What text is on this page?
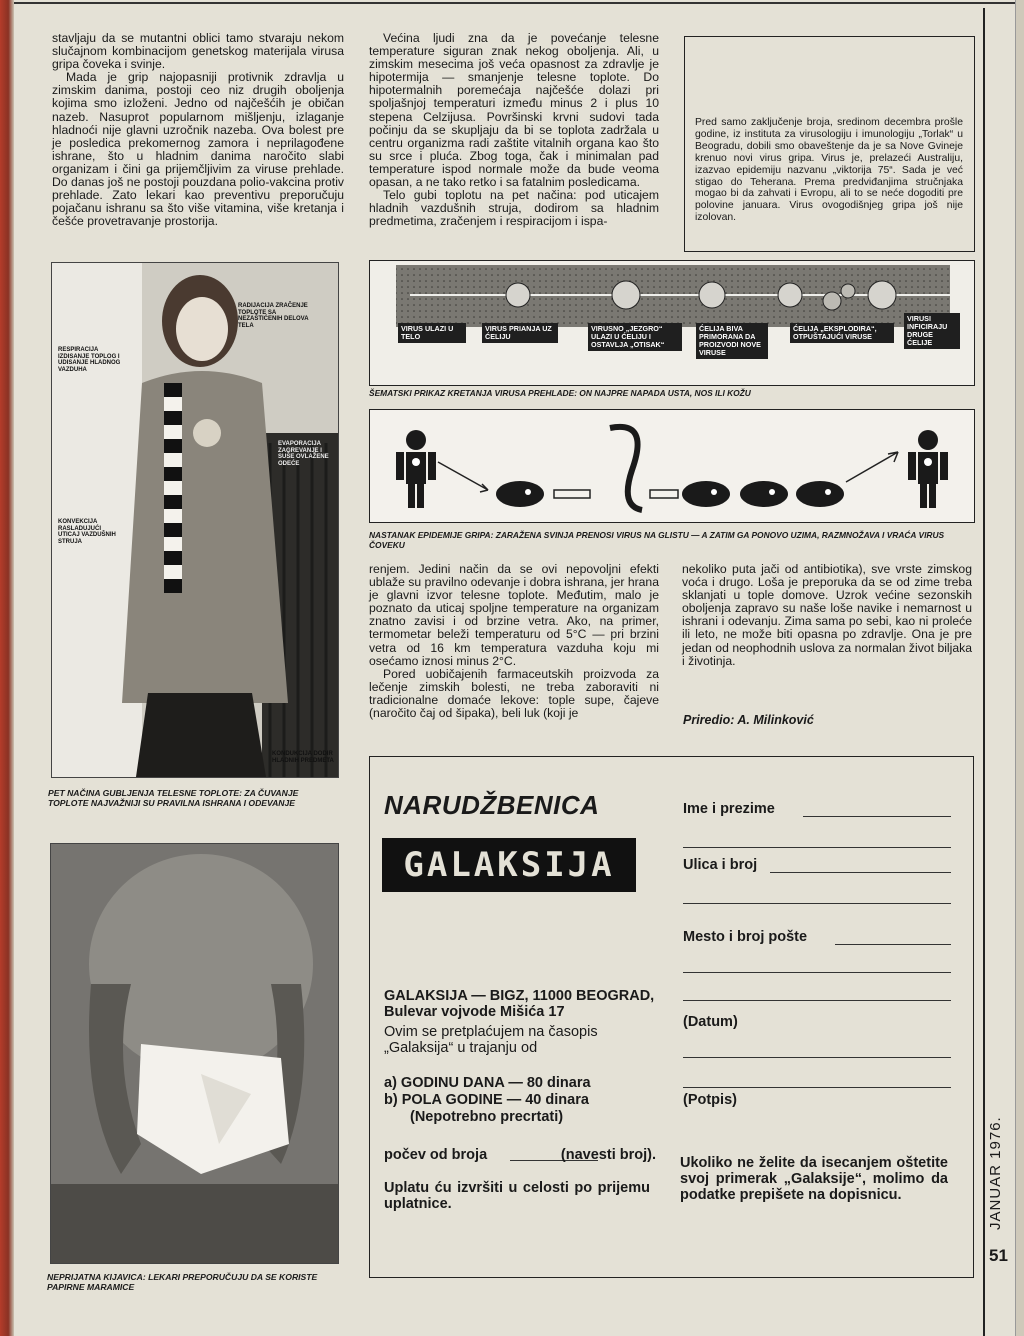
stavljaju da se mutantni oblici tamo stvaraju nekom slučajnom kombinacijom genetskog materijala virusa gripa čoveka i svinje.

Mada je grip najopasniji protivnik zdravlja u zimskim danima, postoji ceo niz drugih oboljenja kojima smo izloženi. Jedno od najčešćih je običan nazeb. Nasuprot popularnom mišljenju, izlaganje hladnoći nije glavni uzročnik nazeba. Ova bolest pre je posledica prekomernog zamora i neprilagođene ishrane, što u hladnim danima naročito slabi organizam i čini ga prijemčljivim za viruse prehlade. Do danas još ne postoji pouzdana polio-vakcina protiv prehlade. Zato lekari kao preventivu preporučuju pojačanu ishranu sa što više vitamina, više kretanja i češće provetravanje prostorija.

Većina ljudi zna da je povećanje telesne temperature siguran znak nekog oboljenja. Ali, u zimskim mesecima još veća opasnost za zdravlje je hipotermija — smanjenje telesne toplote. Do hipotermalnih poremećaja najčešće dolazi pri spoljašnjoj temperaturi između minus 2 i plus 10 stepena Celzijusa. Površinski krvni sudovi tada počinju da se skupljaju da bi se toplota zadržala u centru organizma radi zaštite vitalnih organa kao što su srce i pluća. Zbog toga, čak i minimalan pad temperature ispod normale može da bude veoma opasan, a ne tako retko i sa fatalnim posledicama.

Telo gubi toplotu na pet načina: pod uticajem hladnih vazdušnih struja, dodirom sa hladnim predmetima, zračenjem i respiracijom i ispa-

Pred samo zaključenje broja, sredinom decembra prošle godine, iz instituta za virusologiju i imunologiju „Torlak“ u Beogradu, dobili smo obaveštenje da je sa Nove Gvineje krenuo novi virus gripa. Virus je, prelazeći Australiju, izazvao epidemiju nazvanu „viktorija 75“. Sada je već stigao do Teherana. Prema predviđanjima stručnjaka mogao bi da zahvati i Evropu, ali to se neće dogoditi pre polovine januara. Virus ovogodišnjeg gripa još nije izolovan.
RADIJACIJA ZRAČENJE TOPLOTE SA NEZAŠTIĆENIH DELOVA TELA
RESPIRACIJA IZDISANJE TOPLOG I UDISANJE HLADNOG VAZDUHA
EVAPORACIJA ZAGREVANJE I SUŠE OVLAŽENE ODEĆE
KONVEKCIJA RASLADUJUĆI UTICAJ VAZDUŠNIH STRUJA
KONDUKCIJA DODIR HLADNIH PREDMETA
PET NAČINA GUBLJENJA TELESNE TOPLOTE: ZA ČUVANJE TOPLOTE NAJVAŽNIJI SU PRAVILNA ISHRANA I ODEVANJE
NEPRIJATNA KIJAVICA: LEKARI PREPORUČUJU DA SE KORISTE PAPIRNE MARAMICE
VIRUS ULAZI U TELO
VIRUS PRIANJA UZ ĆELIJU
VIRUSNO „JEZGRO“ ULAZI U ĆELIJU I OSTAVLJA „OTISAK“
ĆELIJA BIVA PRIMORANA DA PROIZVODI NOVE VIRUSE
ĆELIJA „EKSPLODIRA“, OTPUŠTAJUĆI VIRUSE
VIRUSI INFICIRAJU DRUGE ĆELIJE
ŠEMATSKI PRIKAZ KRETANJA VIRUSA PREHLADE: ON NAJPRE NAPADA USTA, NOS ILI KOŽU
NASTANAK EPIDEMIJE GRIPA: ZARAŽENA SVINJA PRENOSI VIRUS NA GLISTU — A ZATIM GA PONOVO UZIMA, RAZMNOŽAVA I VRAĆA VIRUS ČOVEKU

renjem. Jedini način da se ovi nepovoljni efekti ublaže su pravilno odevanje i dobra ishrana, jer hrana je glavni izvor telesne toplote. Međutim, malo je poznato da uticaj spoljne temperature na organizam znatno zavisi i od brzine vetra. Ako, na primer, termometar beleži temperaturu od 5°C — pri brzini vetra od 16 km temperatura vazduha koju mi osećamo iznosi minus 2°C.

Pored uobičajenih farmaceutskih proizvoda za lečenje zimskih bolesti, ne treba zaboraviti ni tradicionalne domaće lekove: tople supe, čajeve (naročito čaj od šipaka), beli luk (koji je

nekoliko puta jači od antibiotika), sve vrste zimskog voća i drugo. Loša je preporuka da se od zime treba sklanjati u tople domove. Uzrok većine sezonskih oboljenja zapravo su naše loše navike i nemarnost u ishrani i odevanju. Zima sama po sebi, kao ni proleće ili leto, ne može biti opasna po zdravlje. Ona je pre jedan od neophodnih uslova za normalan život bilјaka i životinja.

Priredio: A. Milinković
NARUDŽBENICA
GALAKSIJA
Ime i prezime
Ulica i broj
Mesto i broj pošte
(Datum)
(Potpis)
GALAKSIJA — BIGZ, 11000 BEOGRAD, Bulevar vojvode Mišića 17
Ovim se pretplaćujem na časopis „Galaksija“ u trajanju od
a) GODINU DANA — 80 dinara
b) POLA GODINE — 40 dinara
(Nepotrebno precrtati)
počev od broja	(navesti broj).
Uplatu ću izvršiti u celosti po prijemu uplatnice.
Ukoliko ne želite da isecanjem oštetite svoj primerak „Galaksije“, molimo da podatke prepišete na dopisnicu.	JANUAR 1976.
51
